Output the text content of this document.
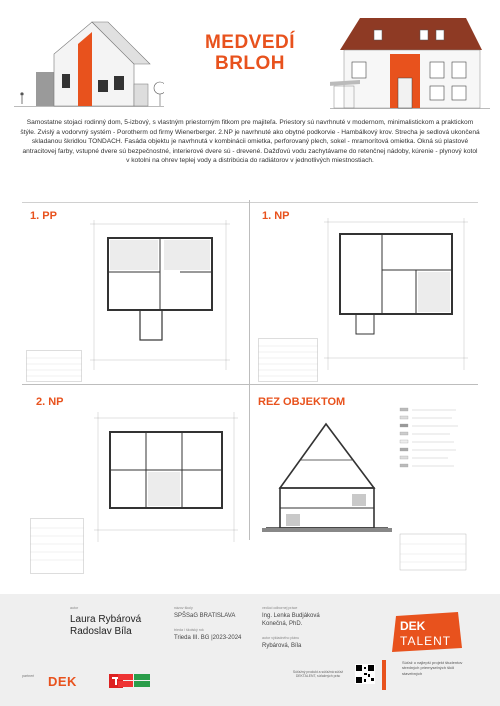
MEDVEDÍ
BRLOH
Samostatne stojaci rodinný dom, 5-izbový, s vlastným priestorným fitkom pre majiteľa. Priestory sú navrhnuté v modernom, minimalistickom a praktickom štýle. Zvislý a vodorvný systém - Porotherm od firmy Wienerberger. 2.NP je navrhnuté ako obytné podkorvie - Hambálkový krov. Strecha je sedlová ukončená skladanou škridlou TONDACH. Fasáda objektu je navrhnutá v kombinácii omietka, perforovaný plech, sokel - mramorítová omietka. Okná sú plastové antracitovej farby, vstupné dvere sú bezpečnostné, interierové dvere sú - drevené. Dažďovú vodu zachytávame do retenčnej nádoby, kúrenie - plynový kotol v kotolni na ohrev teplej vody a distribúcia do radiátorov v jednotlivých miestnostiach.
1. PP	1. NP
2. NP	REZ OBJEKTOM
autor
Laura Rybárová
Radoslav Bíla
názov školy
SPŠSaG BRATISLAVA
trieda / školský rok
Trieda III. BG |2023-2024
vedúci odbornej práce
Ing. Lenka Budjáková Konečná, PhD.
autor výkladného plánu
Rybárová, Bíla
DEK
TALENT
Súťaž o najlepší projekt študentov stredných priemyselných škôl stavebných
partneri DEK
Súťažný produkt a súťažná súťaž DEKTALENT, súťažných prác
